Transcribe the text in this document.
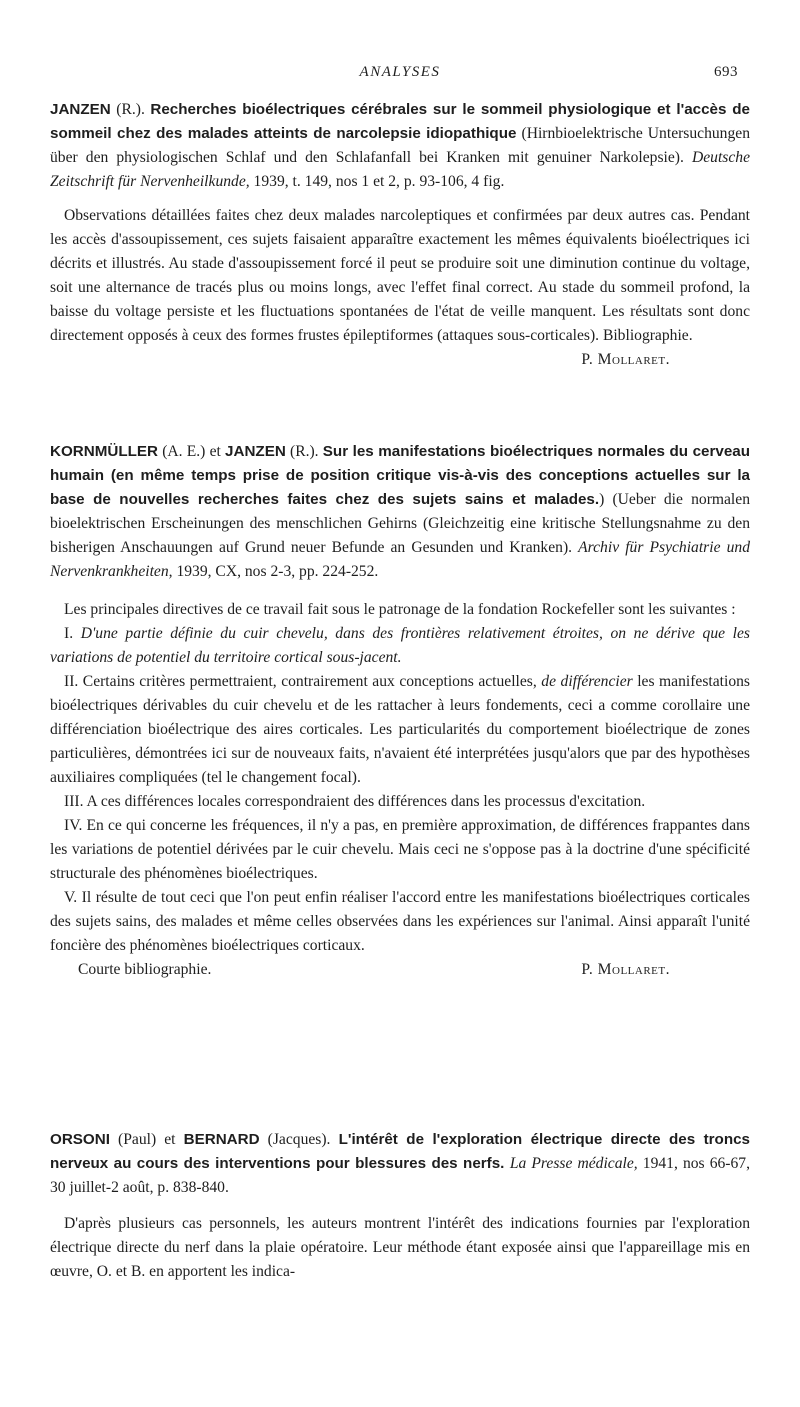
ANALYSES	693

JANZEN (R.). Recherches bioélectriques cérébrales sur le sommeil physiologique et l'accès de sommeil chez des malades atteints de narcolepsie idiopathique (Hirnbioelektrische Untersuchungen über den physiologischen Schlaf und den Schlafanfall bei Kranken mit genuiner Narkolepsie). Deutsche Zeitschrift für Nervenheilkunde, 1939, t. 149, nos 1 et 2, p. 93-106, 4 fig.

Observations détaillées faites chez deux malades narcoleptiques et confirmées par deux autres cas. Pendant les accès d'assoupissement, ces sujets faisaient apparaître exactement les mêmes équivalents bioélectriques ici décrits et illustrés. Au stade d'assoupissement forcé il peut se produire soit une diminution continue du voltage, soit une alternance de tracés plus ou moins longs, avec l'effet final correct. Au stade du sommeil profond, la baisse du voltage persiste et les fluctuations spontanées de l'état de veille manquent. Les résultats sont donc directement opposés à ceux des formes frustes épileptiformes (attaques sous-corticales). Bibliographie.

P. Mollaret.

KORNMÜLLER (A. E.) et JANZEN (R.). Sur les manifestations bioélectriques normales du cerveau humain (en même temps prise de position critique vis-à-vis des conceptions actuelles sur la base de nouvelles recherches faites chez des sujets sains et malades.) (Ueber die normalen bioelektrischen Erscheinungen des menschlichen Gehirns (Gleichzeitig eine kritische Stellungsnahme zu den bisherigen Anschauungen auf Grund neuer Befunde an Gesunden und Kranken). Archiv für Psychiatrie und Nervenkrankheiten, 1939, CX, nos 2-3, pp. 224-252.

Les principales directives de ce travail fait sous le patronage de la fondation Rockefeller sont les suivantes :

I. D'une partie définie du cuir chevelu, dans des frontières relativement étroites, on ne dérive que les variations de potentiel du territoire cortical sous-jacent.

II. Certains critères permettraient, contrairement aux conceptions actuelles, de différencier les manifestations bioélectriques dérivables du cuir chevelu et de les rattacher à leurs fondements, ceci a comme corollaire une différenciation bioélectrique des aires corticales. Les particularités du comportement bioélectrique de zones particulières, démontrées ici sur de nouveaux faits, n'avaient été interprétées jusqu'alors que par des hypothèses auxiliaires compliquées (tel le changement focal).

III. A ces différences locales correspondraient des différences dans les processus d'excitation.

IV. En ce qui concerne les fréquences, il n'y a pas, en première approximation, de différences frappantes dans les variations de potentiel dérivées par le cuir chevelu. Mais ceci ne s'oppose pas à la doctrine d'une spécificité structurale des phénomènes bioélectriques.

V. Il résulte de tout ceci que l'on peut enfin réaliser l'accord entre les manifestations bioélectriques corticales des sujets sains, des malades et même celles observées dans les expériences sur l'animal. Ainsi apparaît l'unité foncière des phénomènes bioélectriques corticaux.

Courte bibliographie.	P. Mollaret.

ORSONI (Paul) et BERNARD (Jacques). L'intérêt de l'exploration électrique directe des troncs nerveux au cours des interventions pour blessures des nerfs. La Presse médicale, 1941, nos 66-67, 30 juillet-2 août, p. 838-840.

D'après plusieurs cas personnels, les auteurs montrent l'intérêt des indications fournies par l'exploration électrique directe du nerf dans la plaie opératoire. Leur méthode étant exposée ainsi que l'appareillage mis en œuvre, O. et B. en apportent les indica-
